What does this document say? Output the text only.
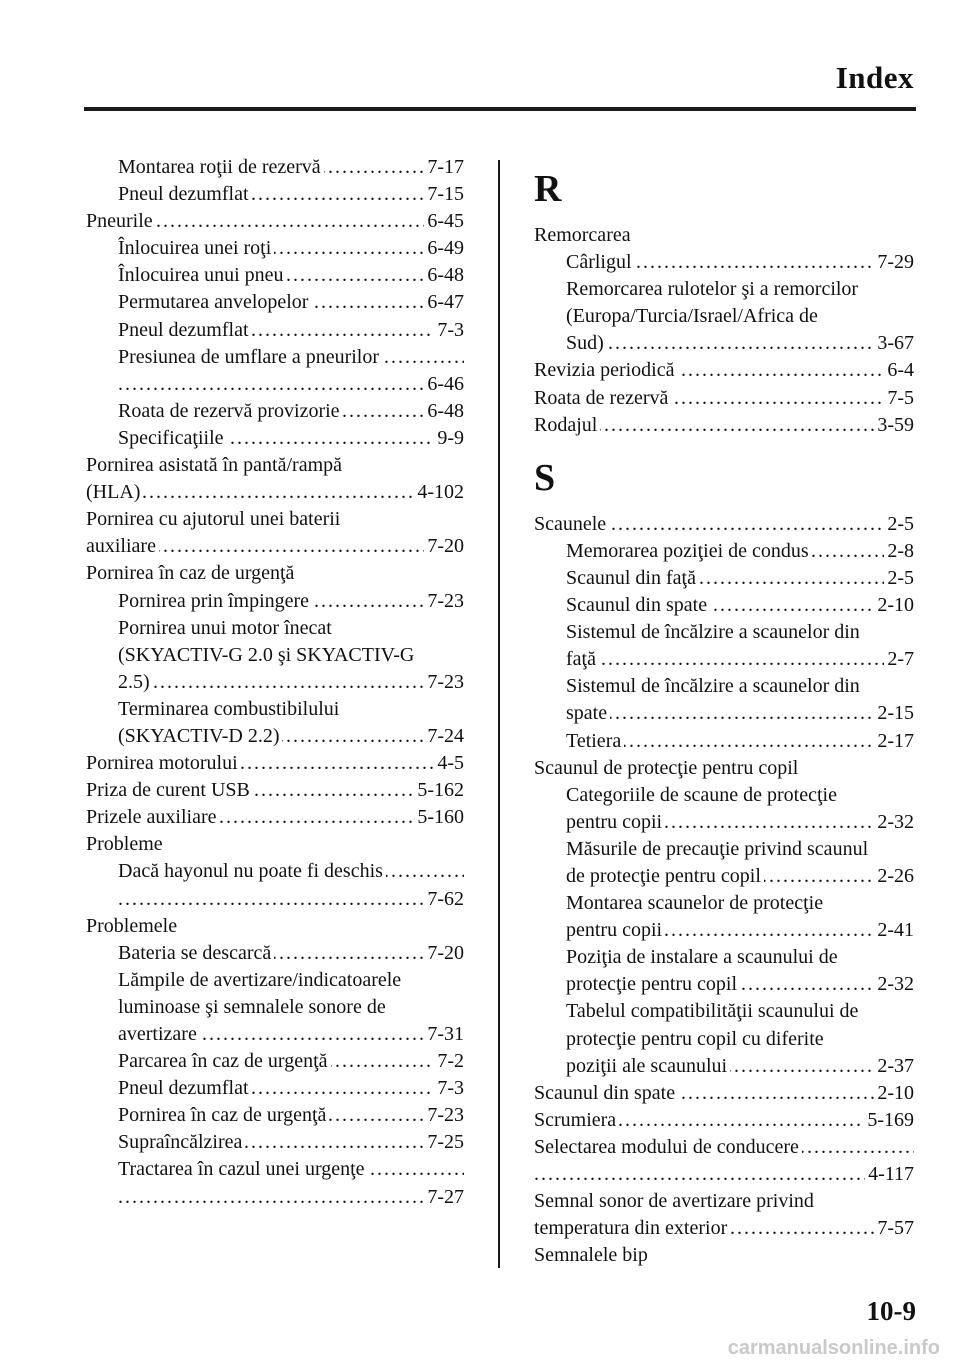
Index
Montarea roţii de rezervă	7-17
. . .
Pneul dezumflat	7-15
. . .
Pneurile	6-45
. . .
Înlocuirea unei roţi	6-49
. . .
Înlocuirea unui pneu	6-48
. . .
Permutarea anvelopelor	6-47
. . .
Pneul dezumflat	7-3
. . .
Presiunea de umflare a pneurilor . . .
6-46
. . .
Roata de rezervă provizorie	6-48
. . .
Specificaţiile	9-9
. . .
Pornirea asistată în pantă/rampă
(HLA)	4-102
. . .
Pornirea cu ajutorul unei baterii
auxiliare	7-20
. . .
Pornirea în caz de urgenţă
Pornirea prin împingere	7-23
. . .
Pornirea unui motor înecat
(SKYACTIV-G 2.0 şi SKYACTIV-G
2.5)	7-23
. . .
Terminarea combustibilului
(SKYACTIV-D 2.2)	7-24
. . .
Pornirea motorului	4-5
. . .
Priza de curent USB	5-162
. . .
Prizele auxiliare	5-160
. . .
Probleme
Dacă hayonul nu poate fi deschis . . .
7-62
. . .
Problemele
Bateria se descarcă	7-20
. . .
Lămpile de avertizare/indicatoarele
luminoase şi semnalele sonore de
avertizare	7-31
. . .
Parcarea în caz de urgenţă	7-2
. . .
Pneul dezumflat	7-3
. . .
Pornirea în caz de urgenţă	7-23
. . .
Supraîncălzirea	7-25
. . .
Tractarea în cazul unei urgenţe . . .
7-27
. . .
R
Remorcarea
Cârligul	7-29
. . .
Remorcarea rulotelor şi a remorcilor
(Europa/Turcia/Israel/Africa de
Sud)	3-67
. . .
Revizia periodică	6-4
. . .
Roata de rezervă	7-5
. . .
Rodajul	3-59
. . .
S
Scaunele	2-5
. . .
Memorarea poziţiei de condus	2-8
. . .
Scaunul din faţă	2-5
. . .
Scaunul din spate	2-10
. . .
Sistemul de încălzire a scaunelor din
faţă	2-7
. . .
Sistemul de încălzire a scaunelor din
spate	2-15
. . .
Tetiera	2-17
. . .
Scaunul de protecţie pentru copil
Categoriile de scaune de protecţie
pentru copii	2-32
. . .
Măsurile de precauţie privind scaunul
de protecţie pentru copil	2-26
. . .
Montarea scaunelor de protecţie
pentru copii	2-41
. . .
Poziţia de instalare a scaunului de
protecţie pentru copil	2-32
. . .
Tabelul compatibilităţii scaunului de
protecţie pentru copil cu diferite
poziţii ale scaunului	2-37
. . .
Scaunul din spate	2-10
. . .
Scrumiera	5-169
. . .
Selectarea modului de conducere . . .
4-117
. . .
Semnal sonor de avertizare privind
temperatura din exterior	7-57
. . .
Semnalele bip
10-9
carmanualsonline.info
